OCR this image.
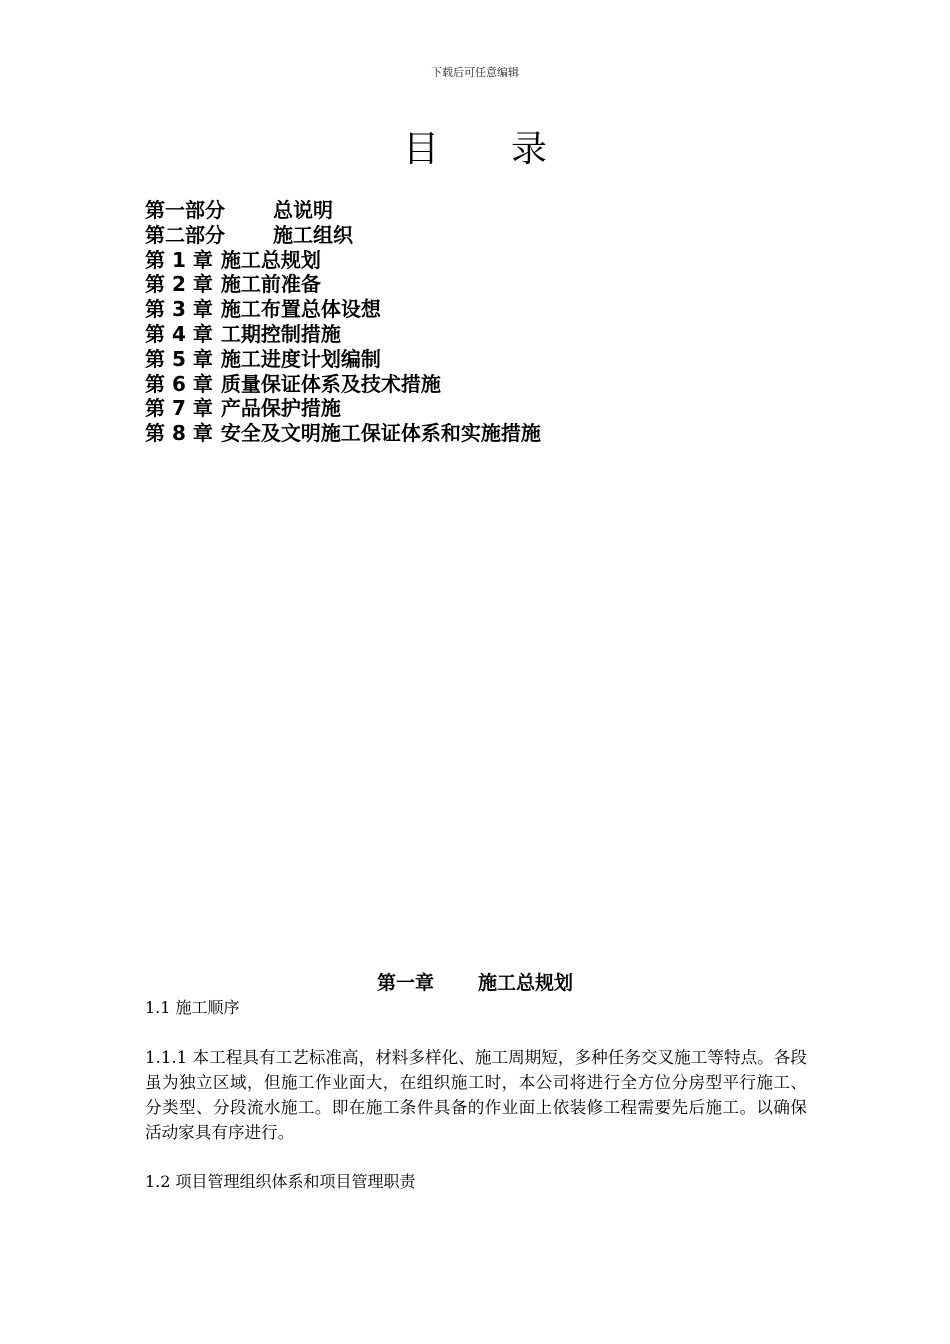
下载后可任意编辑
目 录
第一部分 总说明
第二部分 施工组织
第 1 章 施工总规划
第 2 章 施工前准备
第 3 章 施工布置总体设想
第 4 章 工期控制措施
第 5 章 施工进度计划编制
第 6 章 质量保证体系及技术措施
第 7 章 产品保护措施
第 8 章 安全及文明施工保证体系和实施措施
第一章 施工总规划
1.1 施工顺序
1.1.1 本工程具有工艺标准高，材料多样化、施工周期短，多种任务交叉施工等特点。各段虽为独立区域，但施工作业面大，在组织施工时，本公司将进行全方位分房型平行施工、分类型、分段流水施工。即在施工条件具备的作业面上依装修工程需要先后施工。以确保活动家具有序进行。
1.2 项目管理组织体系和项目管理职责
